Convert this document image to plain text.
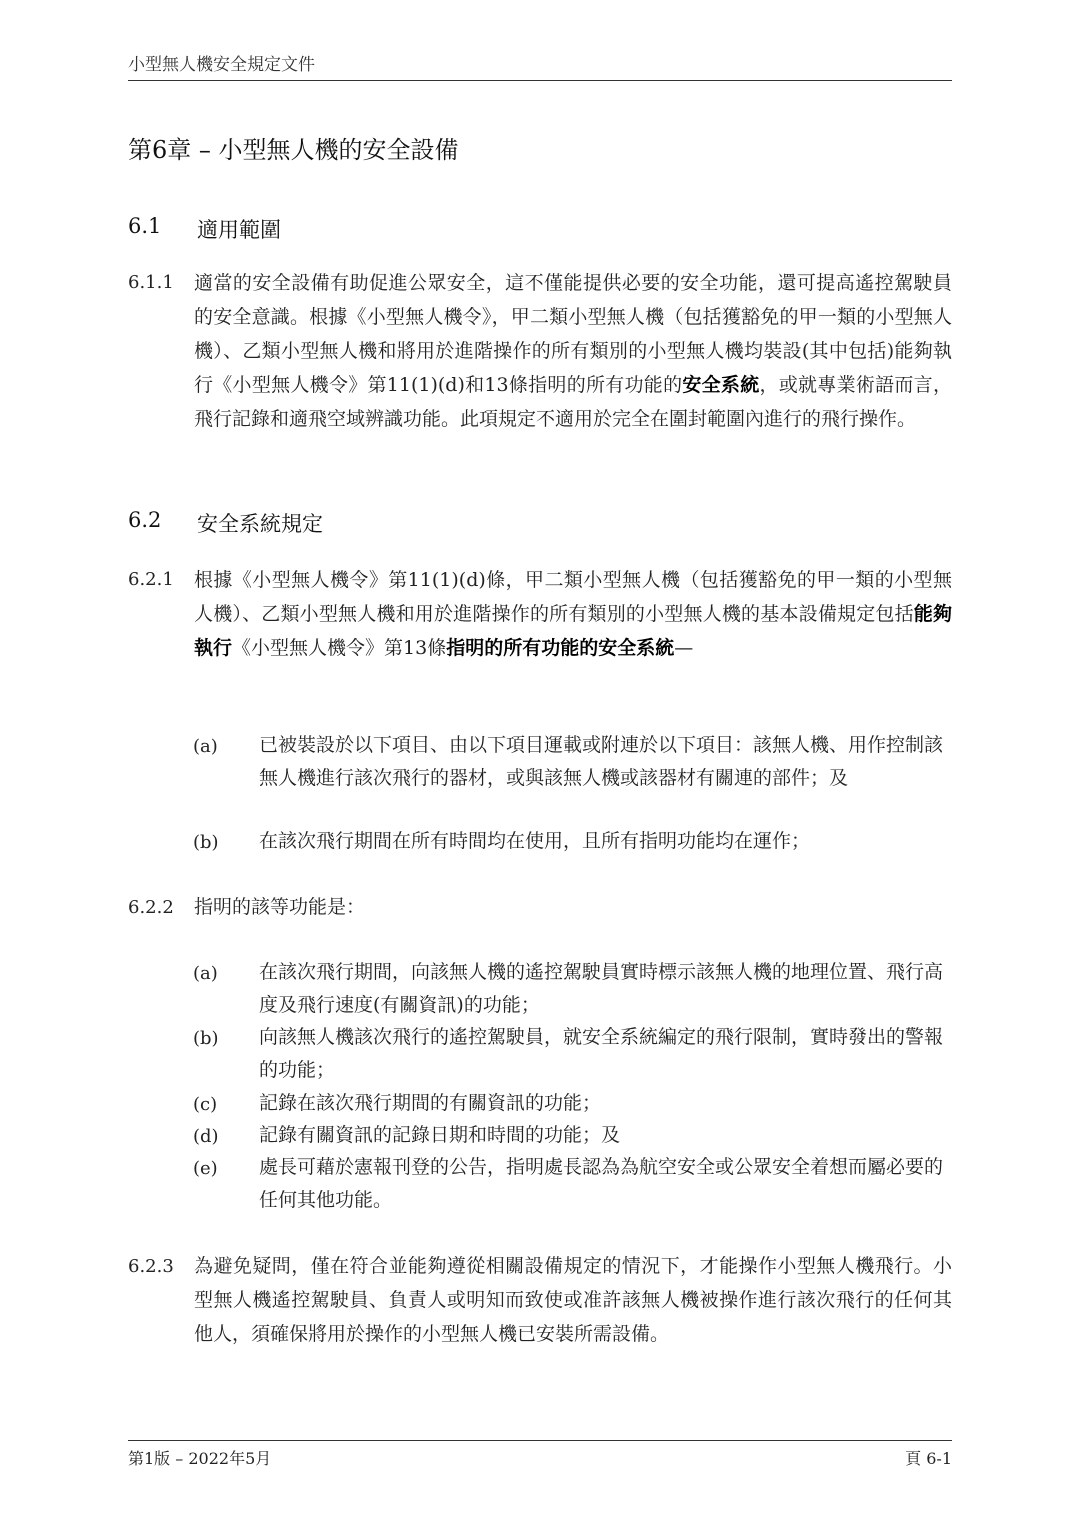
小型無人機安全規定文件
第6章 – 小型無人機的安全設備
6.1 適用範圍
6.1.1 適當的安全設備有助促進公眾安全，這不僅能提供必要的安全功能，還可提高遙控駕駛員的安全意識。根據《小型無人機令》，甲二類小型無人機（包括獲豁免的甲一類的小型無人機）、乙類小型無人機和將用於進階操作的所有類別的小型無人機均裝設(其中包括)能夠執行《小型無人機令》第11(1)(d)和13條指明的所有功能的安全系統，或就專業術語而言，飛行記錄和適飛空域辨識功能。此項規定不適用於完全在圍封範圍內進行的飛行操作。
6.2 安全系統規定
6.2.1 根據《小型無人機令》第11(1)(d)條，甲二類小型無人機（包括獲豁免的甲一類的小型無人機）、乙類小型無人機和用於進階操作的所有類別的小型無人機的基本設備規定包括能夠執行《小型無人機令》第13條指明的所有功能的安全系統—
(a) 已被裝設於以下項目、由以下項目運載或附連於以下項目：該無人機、用作控制該無人機進行該次飛行的器材，或與該無人機或該器材有關連的部件；及
(b) 在該次飛行期間在所有時間均在使用，且所有指明功能均在運作；
6.2.2 指明的該等功能是：
(a) 在該次飛行期間，向該無人機的遙控駕駛員實時標示該無人機的地理位置、飛行高度及飛行速度(有關資訊)的功能；
(b) 向該無人機該次飛行的遙控駕駛員，就安全系統編定的飛行限制，實時發出的警報的功能；
(c) 記錄在該次飛行期間的有關資訊的功能；
(d) 記錄有關資訊的記錄日期和時間的功能；及
(e) 處長可藉於憲報刊登的公告，指明處長認為為航空安全或公眾安全着想而屬必要的任何其他功能。
6.2.3 為避免疑問，僅在符合並能夠遵從相關設備規定的情況下，才能操作小型無人機飛行。小型無人機遙控駕駛員、負責人或明知而致使或准許該無人機被操作進行該次飛行的任何其他人，須確保將用於操作的小型無人機已安裝所需設備。
第1版 – 2022年5月	頁 6-1
